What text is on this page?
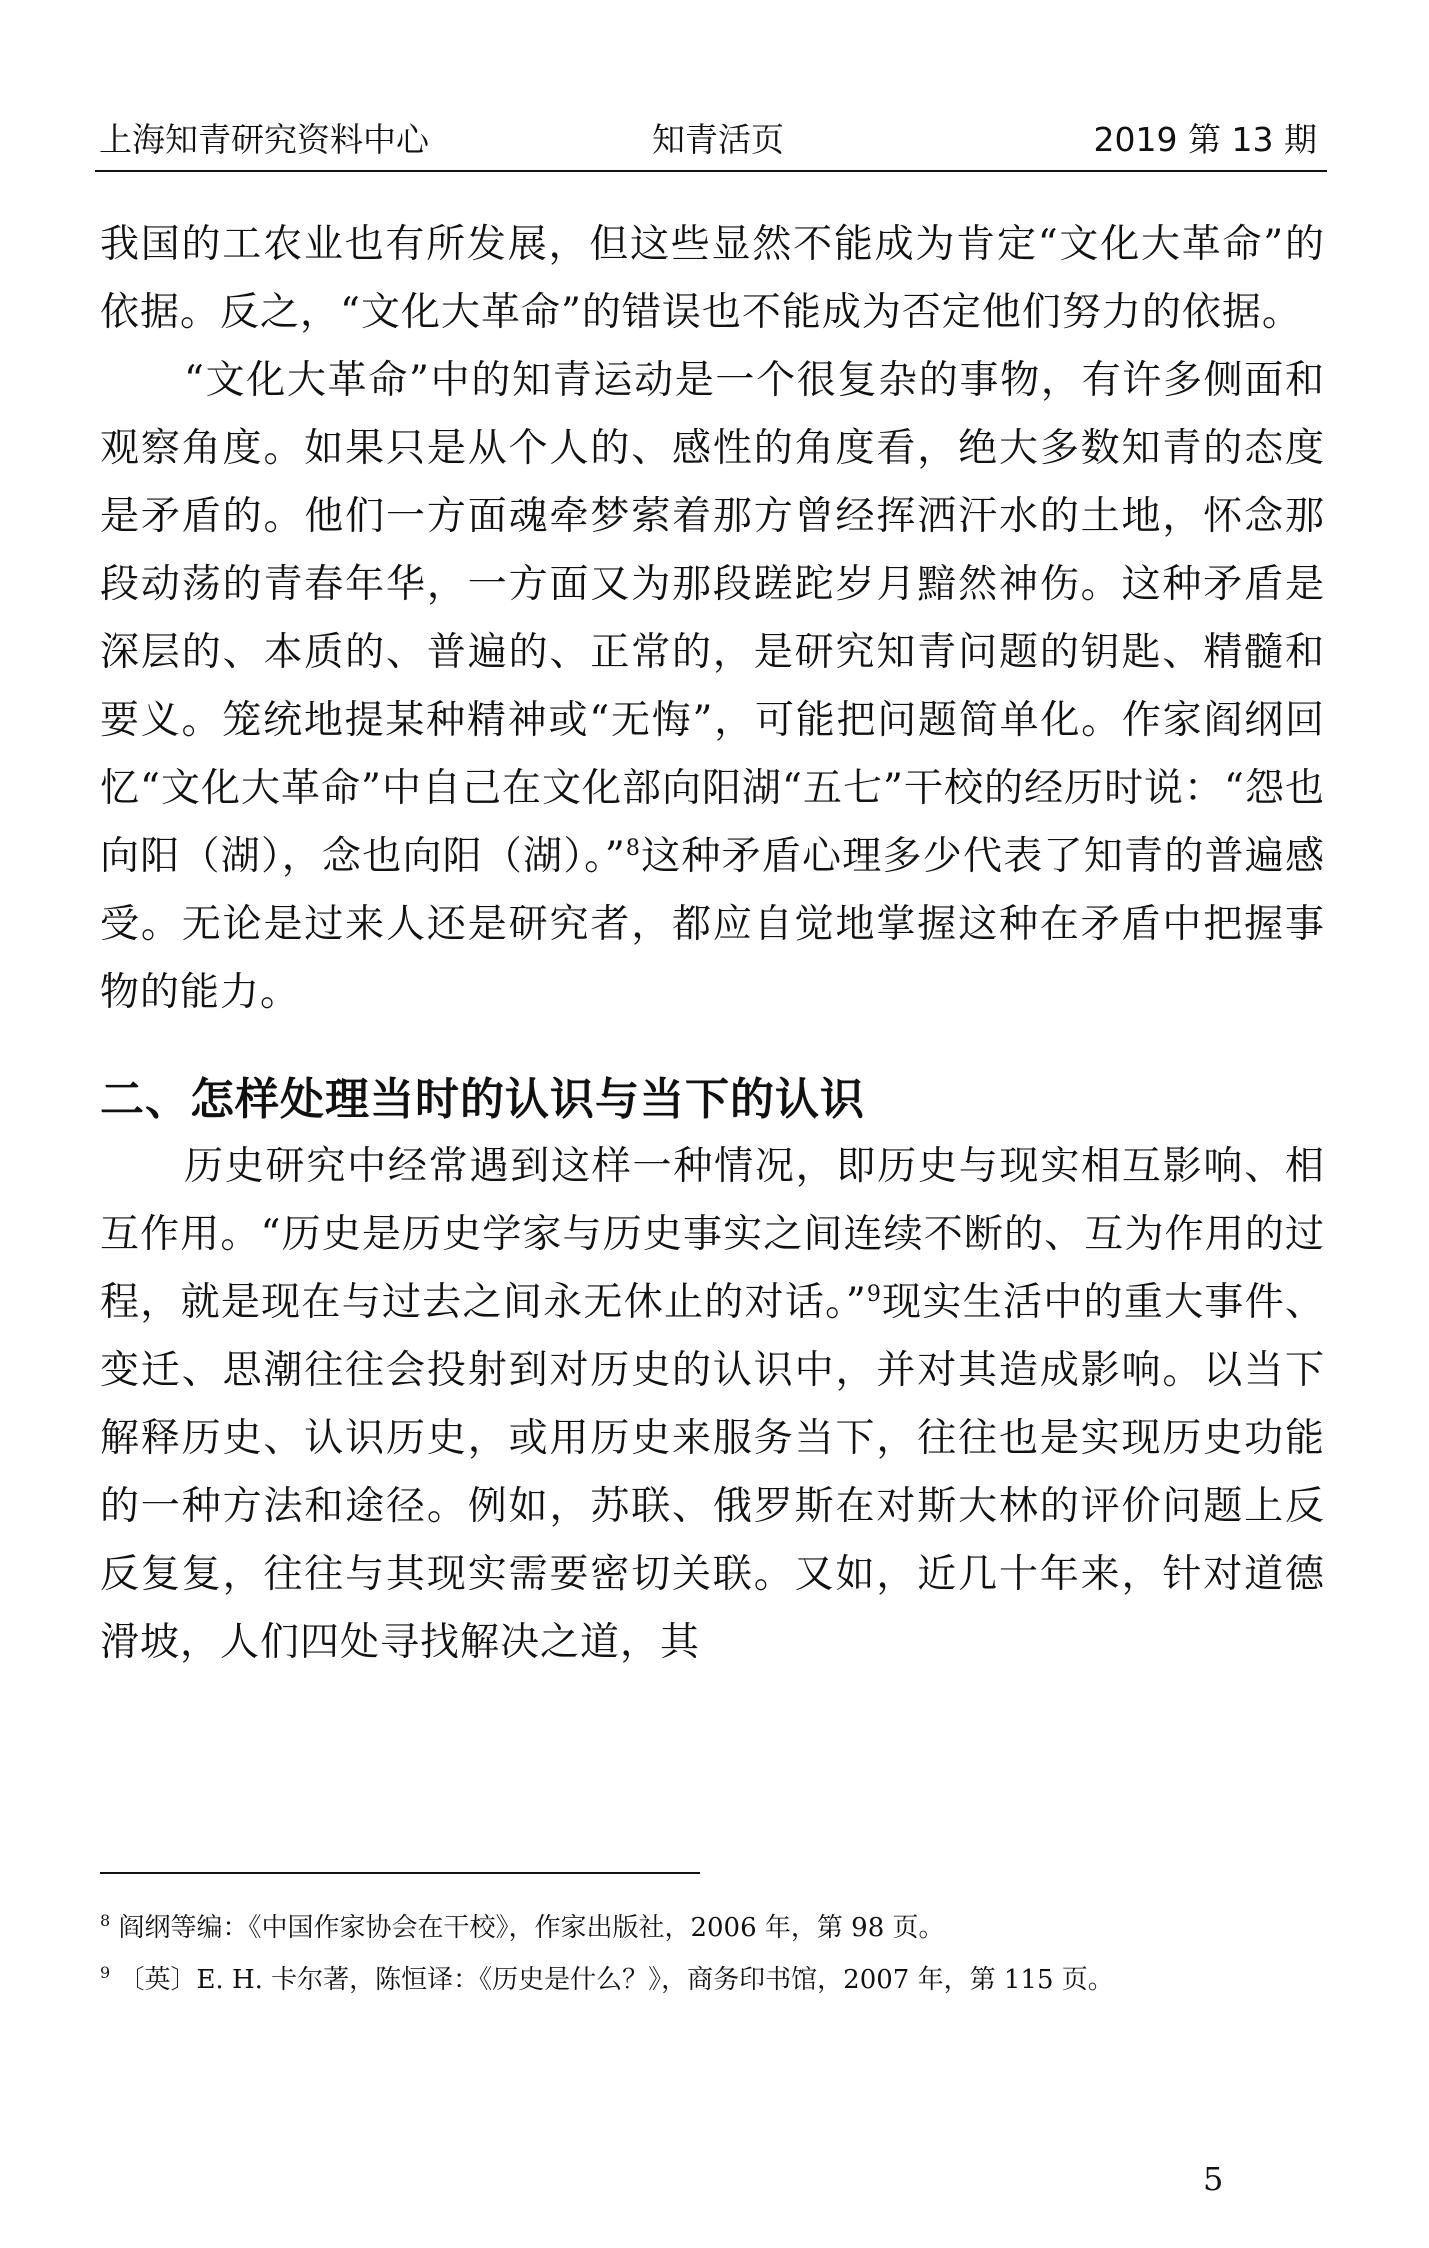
上海知青研究资料中心	知青活页	2019 第 13 期

我国的工农业也有所发展，但这些显然不能成为肯定“文化大革命”的依据。反之，“文化大革命”的错误也不能成为否定他们努力的依据。

“文化大革命”中的知青运动是一个很复杂的事物，有许多侧面和观察角度。如果只是从个人的、感性的角度看，绝大多数知青的态度是矛盾的。他们一方面魂牵梦萦着那方曾经挥洒汗水的土地，怀念那段动荡的青春年华，一方面又为那段蹉跎岁月黯然神伤。这种矛盾是深层的、本质的、普遍的、正常的，是研究知青问题的钥匙、精髓和要义。笼统地提某种精神或“无悔”，可能把问题简单化。作家阎纲回忆“文化大革命”中自己在文化部向阳湖“五七”干校的经历时说：“怨也向阳（湖），念也向阳（湖）。”$^8$这种矛盾心理多少代表了知青的普遍感受。无论是过来人还是研究者，都应自觉地掌握这种在矛盾中把握事物的能力。

二、怎样处理当时的认识与当下的认识

历史研究中经常遇到这样一种情况，即历史与现实相互影响、相互作用。“历史是历史学家与历史事实之间连续不断的、互为作用的过程，就是现在与过去之间永无休止的对话。”$^9$现实生活中的重大事件、变迁、思潮往往会投射到对历史的认识中，并对其造成影响。以当下解释历史、认识历史，或用历史来服务当下，往往也是实现历史功能的一种方法和途径。例如，苏联、俄罗斯在对斯大林的评价问题上反反复复，往往与其现实需要密切关联。又如，近几十年来，针对道德滑坡，人们四处寻找解决之道，其

$^8$ 阎纲等编：《中国作家协会在干校》，作家出版社，2006 年，第 98 页。

$^9$ 〔英〕E. H. 卡尔著，陈恒译：《历史是什么？》，商务印书馆，2007 年，第 115 页。

5
